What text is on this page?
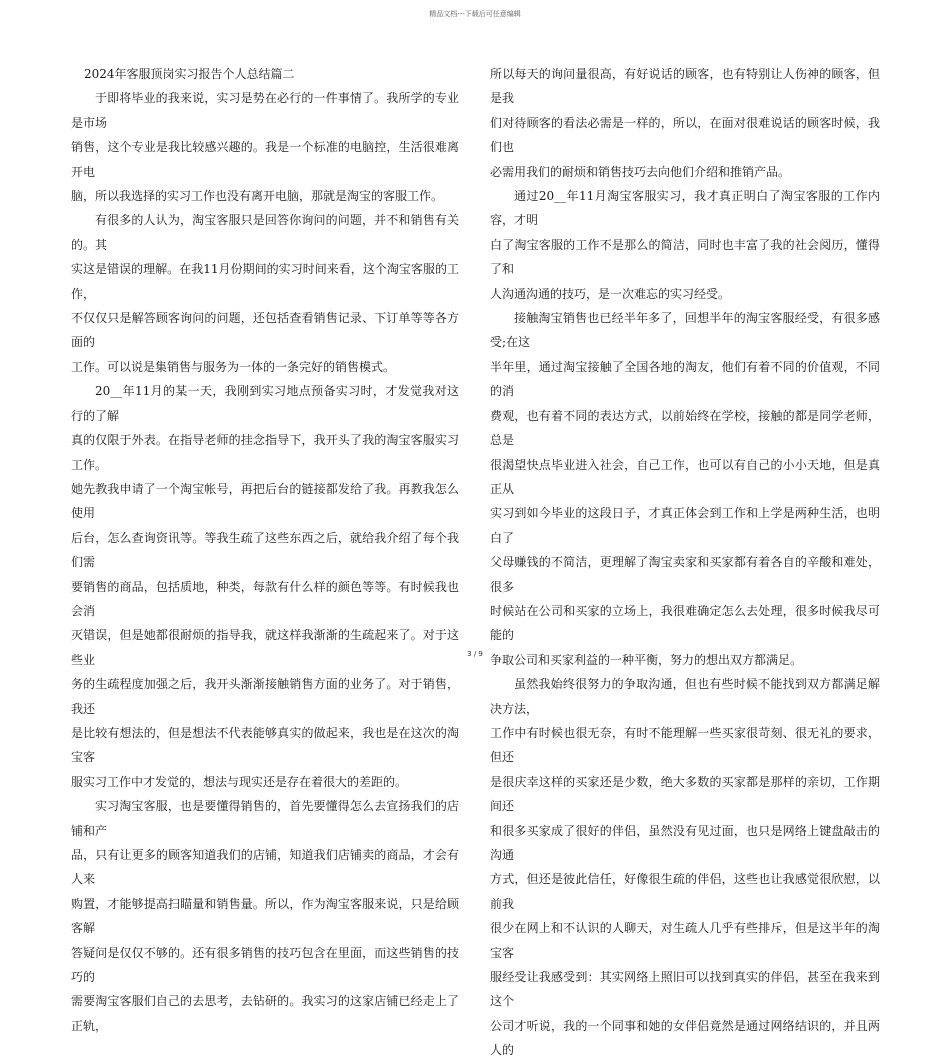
精品文档---下载后可任意编辑

2024年客服顶岗实习报告个人总结篇二

于即将毕业的我来说，实习是势在必行的一件事情了。我所学的专业是市场
销售，这个专业是我比较感兴趣的。我是一个标准的电脑控，生活很难离开电
脑，所以我选择的实习工作也没有离开电脑，那就是淘宝的客服工作。

有很多的人认为，淘宝客服只是回答你询问的问题，并不和销售有关的。其
实这是错误的理解。在我11月份期间的实习时间来看，这个淘宝客服的工作，
不仅仅只是解答顾客询问的问题，还包括查看销售记录、下订单等等各方面的
工作。可以说是集销售与服务为一体的一条完好的销售模式。

20__年11月的某一天，我刚到实习地点预备实习时，才发觉我对这行的了解
真的仅限于外表。在指导老师的挂念指导下，我开头了我的淘宝客服实习工作。
她先教我申请了一个淘宝帐号，再把后台的链接都发给了我。再教我怎么使用
后台，怎么查询资讯等。等我生疏了这些东西之后，就给我介绍了每个我们需
要销售的商品，包括质地，种类，每款有什么样的颜色等等。有时候我也会消
灭错误，但是她都很耐烦的指导我，就这样我渐渐的生疏起来了。对于这些业
务的生疏程度加强之后，我开头渐渐接触销售方面的业务了。对于销售，我还
是比较有想法的，但是想法不代表能够真实的做起来，我也是在这次的淘宝客
服实习工作中才发觉的，想法与现实还是存在着很大的差距的。

实习淘宝客服，也是要懂得销售的，首先要懂得怎么去宣扬我们的店铺和产
品，只有让更多的顾客知道我们的店铺，知道我们店铺卖的商品，才会有人来
购置，才能够提高扫瞄量和销售量。所以，作为淘宝客服来说，只是给顾客解
答疑问是仅仅不够的。还有很多销售的技巧包含在里面，而这些销售的技巧的
需要淘宝客服们自己的去思考，去钻研的。我实习的这家店铺已经走上了正轨，

所以每天的询问量很高，有好说话的顾客，也有特别让人伤神的顾客，但是我
们对待顾客的看法必需是一样的，所以，在面对很难说话的顾客时候，我们也
必需用我们的耐烦和销售技巧去向他们介绍和推销产品。

通过20__年11月淘宝客服实习，我才真正明白了淘宝客服的工作内容，才明
白了淘宝客服的工作不是那么的简洁，同时也丰富了我的社会阅历，懂得了和
人沟通沟通的技巧，是一次难忘的实习经受。

接触淘宝销售也已经半年多了，回想半年的淘宝客服经受，有很多感受;在这
半年里，通过淘宝接触了全国各地的淘友，他们有着不同的价值观，不同的消
费观，也有着不同的表达方式，以前始终在学校，接触的都是同学老师，总是
很渴望快点毕业进入社会，自己工作，也可以有自己的小小天地，但是真正从
实习到如今毕业的这段日子，才真正体会到工作和上学是两种生活，也明白了
父母赚钱的不简洁，更理解了淘宝卖家和买家都有着各自的辛酸和难处，很多
时候站在公司和买家的立场上，我很难确定怎么去处理，很多时候我尽可能的
争取公司和买家利益的一种平衡，努力的想出双方都满足。

虽然我始终很努力的争取沟通，但也有些时候不能找到双方都满足解决方法，
工作中有时候也很无奈，有时不能理解一些买家很苛刻、很无礼的要求，但还
是很庆幸这样的买家还是少数，绝大多数的买家都是那样的亲切，工作期间还
和很多买家成了很好的伴侣，虽然没有见过面，也只是网络上键盘敲击的沟通
方式，但还是彼此信任，好像很生疏的伴侣，这些也让我感觉很欣慰，以前我
很少在网上和不认识的人聊天，对生疏人几乎有些排斥，但是这半年的淘宝客
服经受让我感受到：其实网络上照旧可以找到真实的伴侣，甚至在我来到这个
公司才听说，我的一个同事和她的女伴侣竟然是通过网络结识的，并且两人的

3 / 9
